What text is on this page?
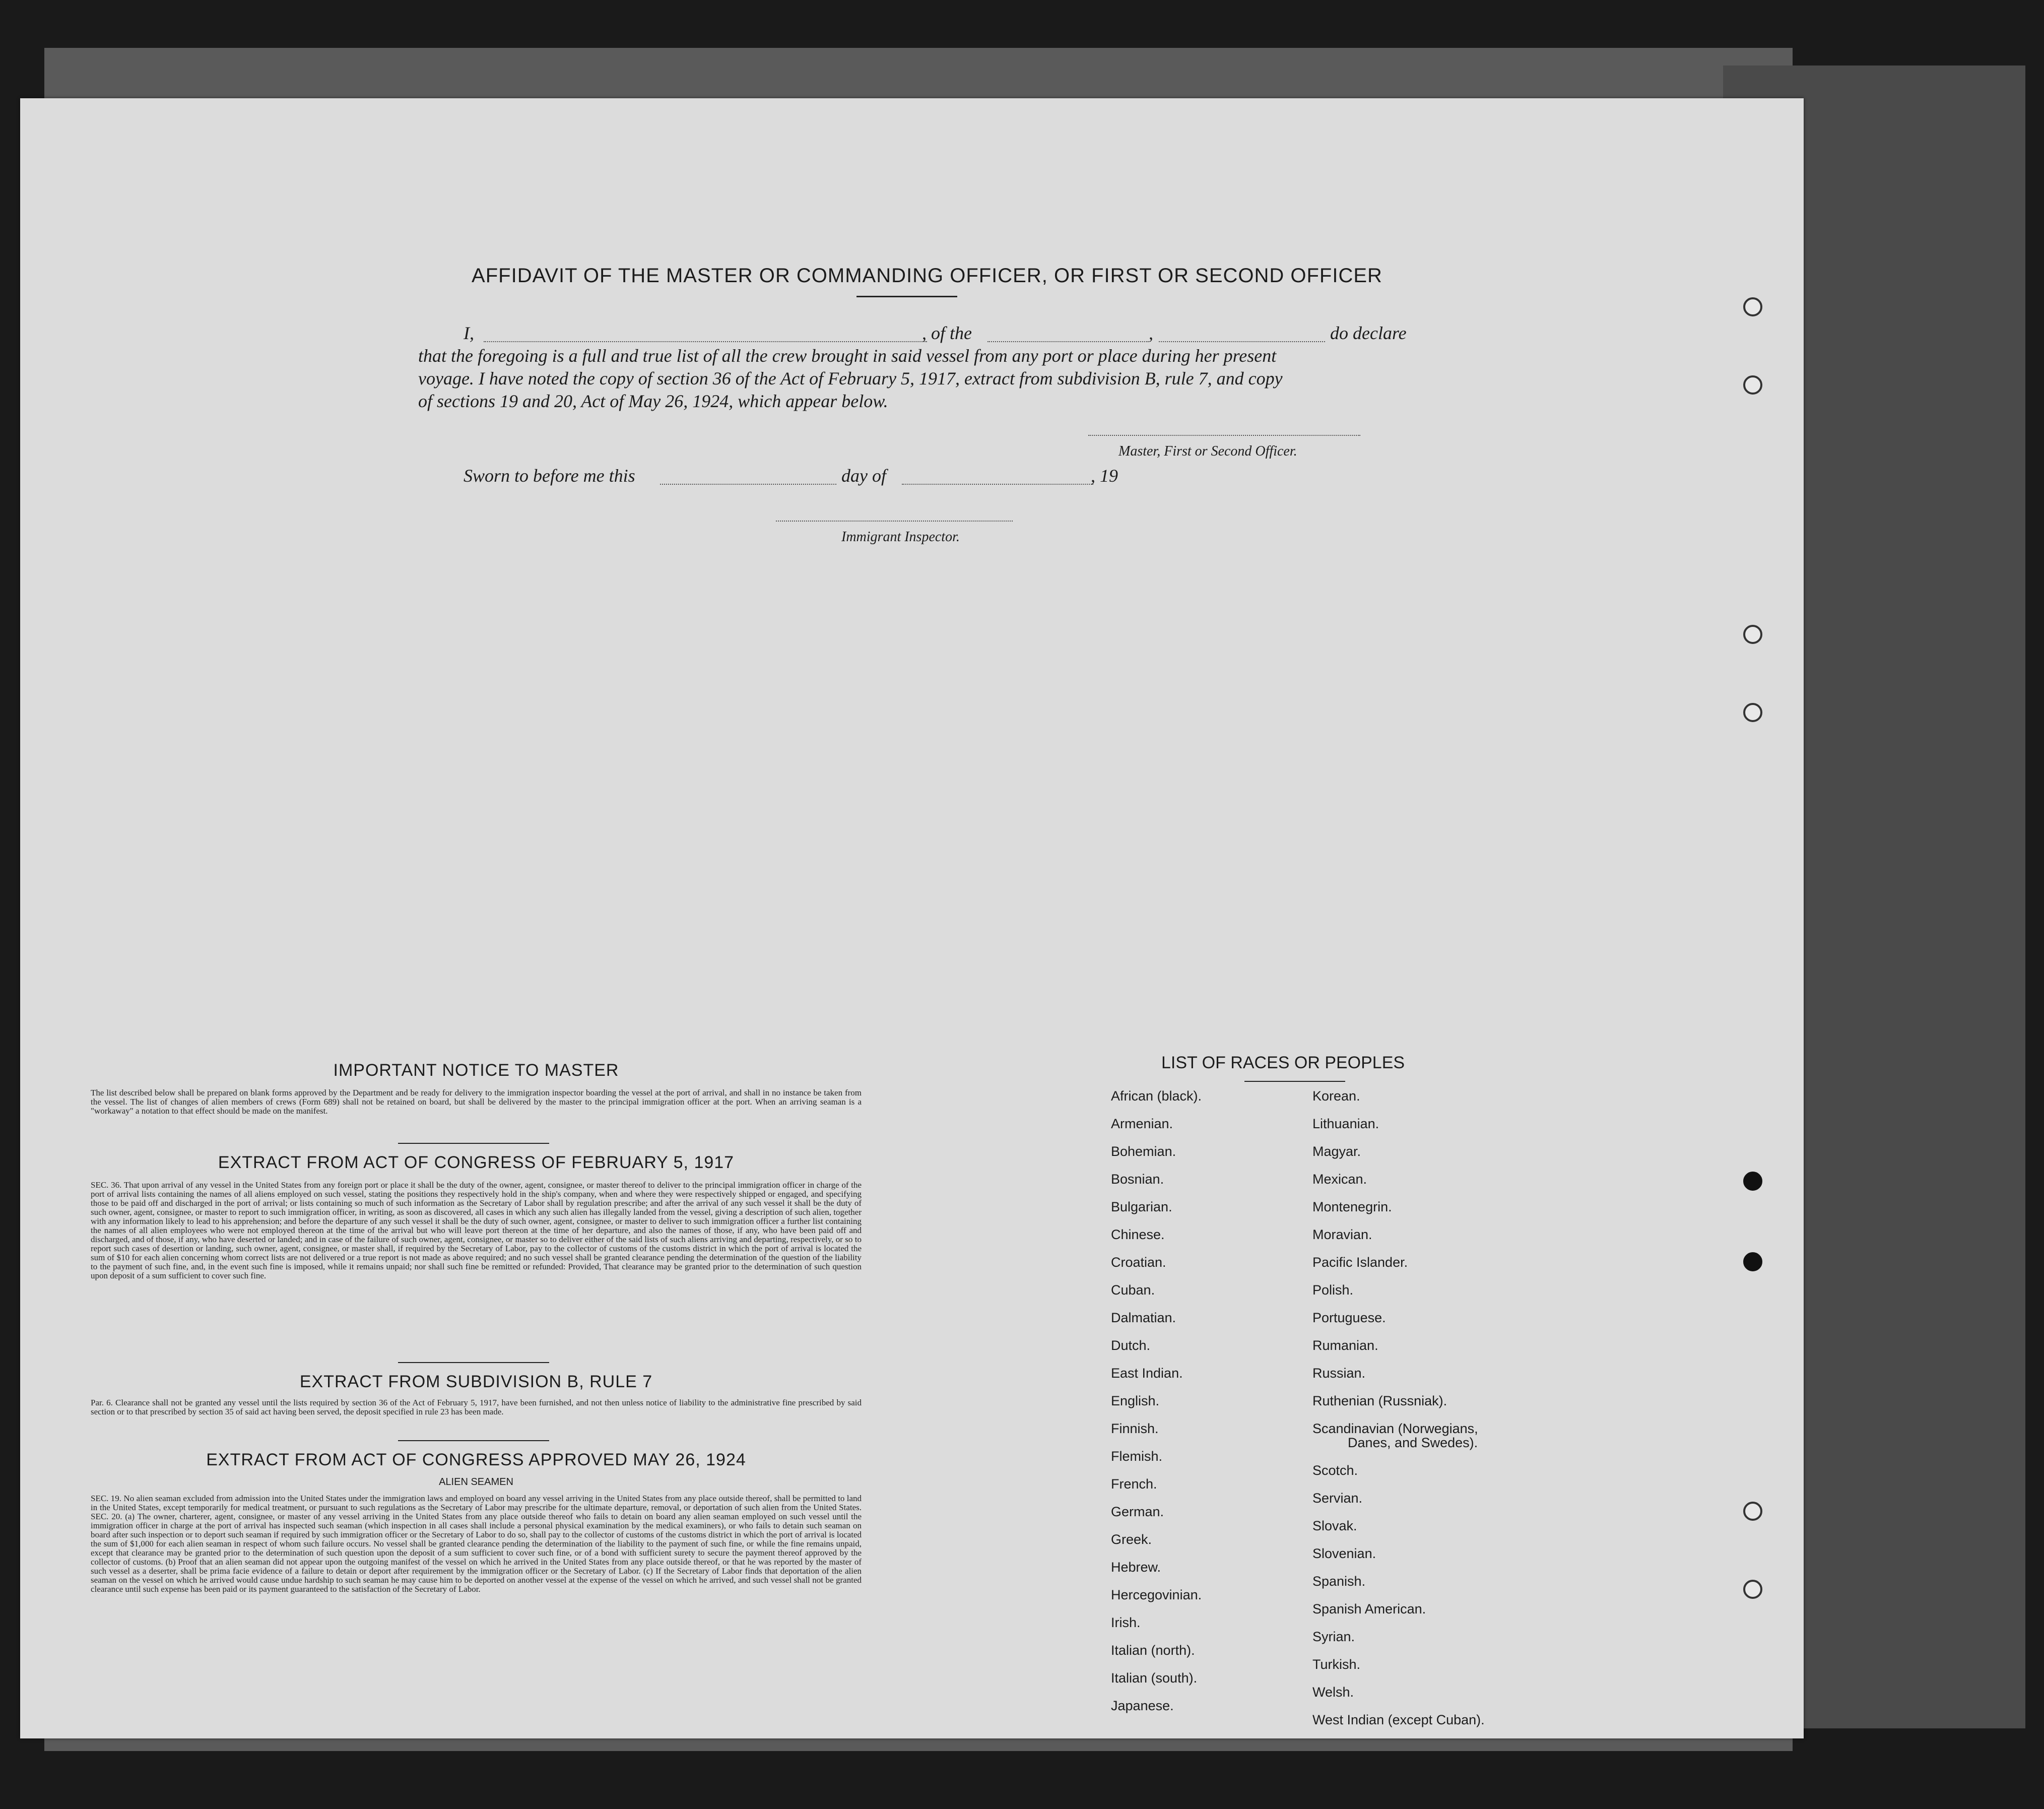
AFFIDAVIT OF THE MASTER OR COMMANDING OFFICER, OR FIRST OR SECOND OFFICER
I,	, of the	,	do declare
that the foregoing is a full and true list of all the crew brought in said vessel from any port or place during her present
voyage. I have noted the copy of section 36 of the Act of February 5, 1917, extract from subdivision B, rule 7, and copy
of sections 19 and 20, Act of May 26, 1924, which appear below.
Master, First or Second Officer.
Sworn to before me this	day of	, 19
Immigrant Inspector.
IMPORTANT NOTICE TO MASTER
The list described below shall be prepared on blank forms approved by the Department and be ready for delivery to the immigration inspector boarding the vessel at the port of arrival, and shall in no instance be taken from the vessel. The list of changes of alien members of crews (Form 689) shall not be retained on board, but shall be delivered by the master to the principal immigration officer at the port. When an arriving seaman is a "workaway" a notation to that effect should be made on the manifest.
EXTRACT FROM ACT OF CONGRESS OF FEBRUARY 5, 1917
SEC. 36. That upon arrival of any vessel in the United States from any foreign port or place it shall be the duty of the owner, agent, consignee, or master thereof to deliver to the principal immigration officer in charge of the port of arrival lists containing the names of all aliens employed on such vessel, stating the positions they respectively hold in the ship's company, when and where they were respectively shipped or engaged, and specifying those to be paid off and discharged in the port of arrival; or lists containing so much of such information as the Secretary of Labor shall by regulation prescribe; and after the arrival of any such vessel it shall be the duty of such owner, agent, consignee, or master to report to such immigration officer, in writing, as soon as discovered, all cases in which any such alien has illegally landed from the vessel, giving a description of such alien, together with any information likely to lead to his apprehension; and before the departure of any such vessel it shall be the duty of such owner, agent, consignee, or master to deliver to such immigration officer a further list containing the names of all alien employees who were not employed thereon at the time of the arrival but who will leave port thereon at the time of her departure, and also the names of those, if any, who have been paid off and discharged, and of those, if any, who have deserted or landed; and in case of the failure of such owner, agent, consignee, or master so to deliver either of the said lists of such aliens arriving and departing, respectively, or so to report such cases of desertion or landing, such owner, agent, consignee, or master shall, if required by the Secretary of Labor, pay to the collector of customs of the customs district in which the port of arrival is located the sum of $10 for each alien concerning whom correct lists are not delivered or a true report is not made as above required; and no such vessel shall be granted clearance pending the determination of the question of the liability to the payment of such fine, and, in the event such fine is imposed, while it remains unpaid; nor shall such fine be remitted or refunded: Provided, That clearance may be granted prior to the determination of such question upon deposit of a sum sufficient to cover such fine.
EXTRACT FROM SUBDIVISION B, RULE 7
Par. 6. Clearance shall not be granted any vessel until the lists required by section 36 of the Act of February 5, 1917, have been furnished, and not then unless notice of liability to the administrative fine prescribed by said section or to that prescribed by section 35 of said act having been served, the deposit specified in rule 23 has been made.
EXTRACT FROM ACT OF CONGRESS APPROVED MAY 26, 1924
ALIEN SEAMEN
SEC. 19. No alien seaman excluded from admission into the United States under the immigration laws and employed on board any vessel arriving in the United States from any place outside thereof, shall be permitted to land in the United States, except temporarily for medical treatment, or pursuant to such regulations as the Secretary of Labor may prescribe for the ultimate departure, removal, or deportation of such alien from the United States. SEC. 20. (a) The owner, charterer, agent, consignee, or master of any vessel arriving in the United States from any place outside thereof who fails to detain on board any alien seaman employed on such vessel until the immigration officer in charge at the port of arrival has inspected such seaman (which inspection in all cases shall include a personal physical examination by the medical examiners), or who fails to detain such seaman on board after such inspection or to deport such seaman if required by such immigration officer or the Secretary of Labor to do so, shall pay to the collector of customs of the customs district in which the port of arrival is located the sum of $1,000 for each alien seaman in respect of whom such failure occurs. No vessel shall be granted clearance pending the determination of the liability to the payment of such fine, or while the fine remains unpaid, except that clearance may be granted prior to the determination of such question upon the deposit of a sum sufficient to cover such fine, or of a bond with sufficient surety to secure the payment thereof approved by the collector of customs. (b) Proof that an alien seaman did not appear upon the outgoing manifest of the vessel on which he arrived in the United States from any place outside thereof, or that he was reported by the master of such vessel as a deserter, shall be prima facie evidence of a failure to detain or deport after requirement by the immigration officer or the Secretary of Labor. (c) If the Secretary of Labor finds that deportation of the alien seaman on the vessel on which he arrived would cause undue hardship to such seaman he may cause him to be deported on another vessel at the expense of the vessel on which he arrived, and such vessel shall not be granted clearance until such expense has been paid or its payment guaranteed to the satisfaction of the Secretary of Labor.
LIST OF RACES OR PEOPLES
African (black).
Armenian.
Bohemian.
Bosnian.
Bulgarian.
Chinese.
Croatian.
Cuban.
Dalmatian.
Dutch.
East Indian.
English.
Finnish.
Flemish.
French.
German.
Greek.
Hebrew.
Hercegovinian.
Irish.
Italian (north).
Italian (south).
Japanese.
Korean.
Lithuanian.
Magyar.
Mexican.
Montenegrin.
Moravian.
Pacific Islander.
Polish.
Portuguese.
Rumanian.
Russian.
Ruthenian (Russniak).
Scandinavian (Norwegians,
Danes, and Swedes).
Scotch.
Servian.
Slovak.
Slovenian.
Spanish.
Spanish American.
Syrian.
Turkish.
Welsh.
West Indian (except Cuban).
